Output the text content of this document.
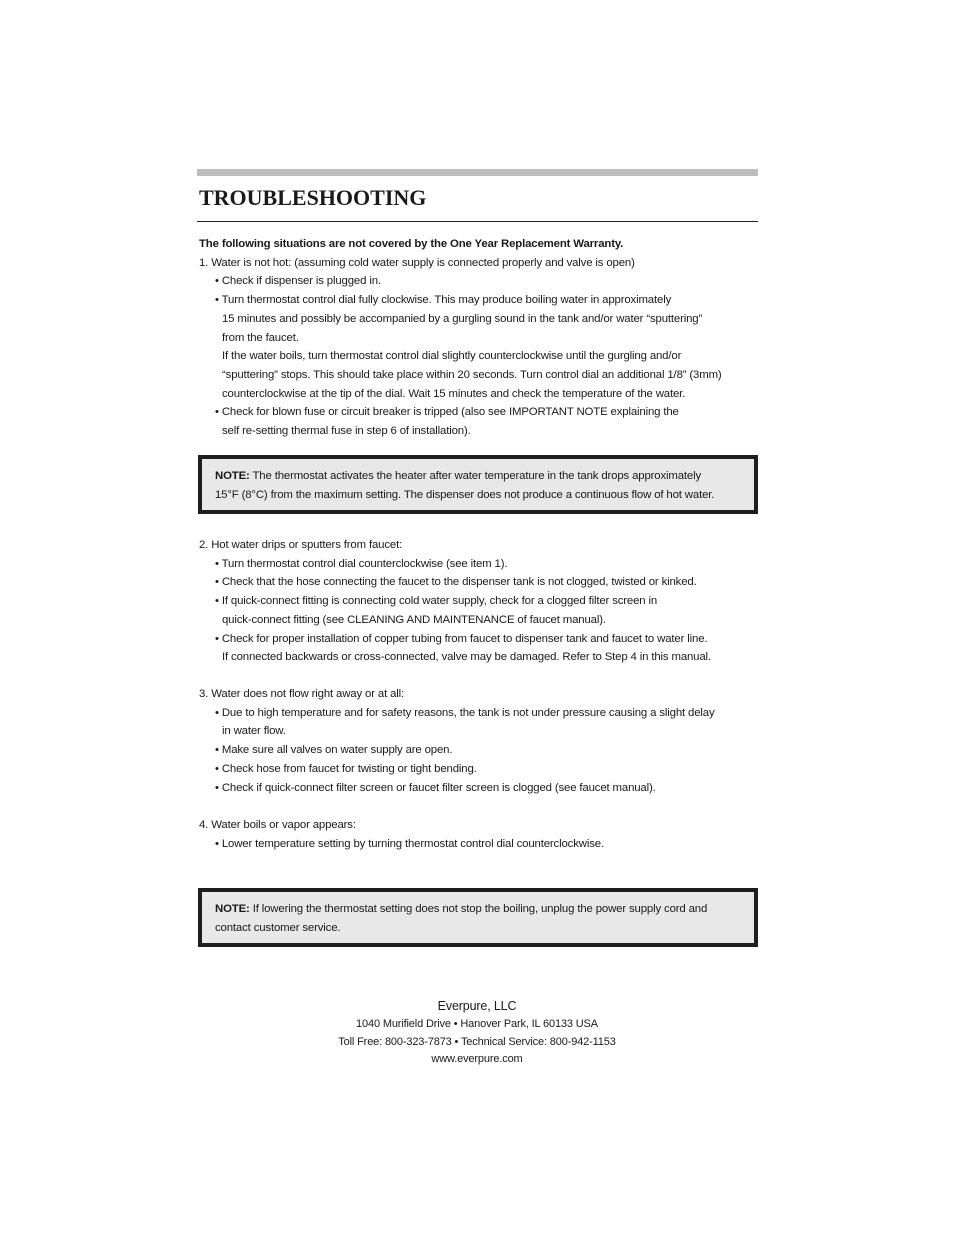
TROUBLESHOOTING
The following situations are not covered by the One Year Replacement Warranty.
1. Water is not hot: (assuming cold water supply is connected properly and valve is open)
• Check if dispenser is plugged in.
• Turn thermostat control dial fully clockwise. This may produce boiling water in approximately
15 minutes and possibly be accompanied by a gurgling sound in the tank and/or water “sputtering”
from the faucet.
If the water boils, turn thermostat control dial slightly counterclockwise until the gurgling and/or
“sputtering” stops. This should take place within 20 seconds. Turn control dial an additional 1/8” (3mm)
counterclockwise at the tip of the dial. Wait 15 minutes and check the temperature of the water.
• Check for blown fuse or circuit breaker is tripped (also see IMPORTANT NOTE explaining the
self re-setting thermal fuse in step 6 of installation).
NOTE: The thermostat activates the heater after water temperature in the tank drops approximately
15°F (8°C) from the maximum setting. The dispenser does not produce a continuous flow of hot water.
2. Hot water drips or sputters from faucet:
• Turn thermostat control dial counterclockwise (see item 1).
• Check that the hose connecting the faucet to the dispenser tank is not clogged, twisted or kinked.
• If quick-connect fitting is connecting cold water supply, check for a clogged filter screen in
quick-connect fitting (see CLEANING AND MAINTENANCE of faucet manual).
• Check for proper installation of copper tubing from faucet to dispenser tank and faucet to water line.
If connected backwards or cross-connected, valve may be damaged. Refer to Step 4 in this manual.
3. Water does not flow right away or at all:
• Due to high temperature and for safety reasons, the tank is not under pressure causing a slight delay
in water flow.
• Make sure all valves on water supply are open.
• Check hose from faucet for twisting or tight bending.
• Check if quick-connect filter screen or faucet filter screen is clogged (see faucet manual).
4. Water boils or vapor appears:
• Lower temperature setting by turning thermostat control dial counterclockwise.
NOTE: If lowering the thermostat setting does not stop the boiling, unplug the power supply cord and
contact customer service.
Everpure, LLC
1040 Murifield Drive • Hanover Park, IL 60133 USA
Toll Free: 800-323-7873 • Technical Service: 800-942-1153
www.everpure.com
